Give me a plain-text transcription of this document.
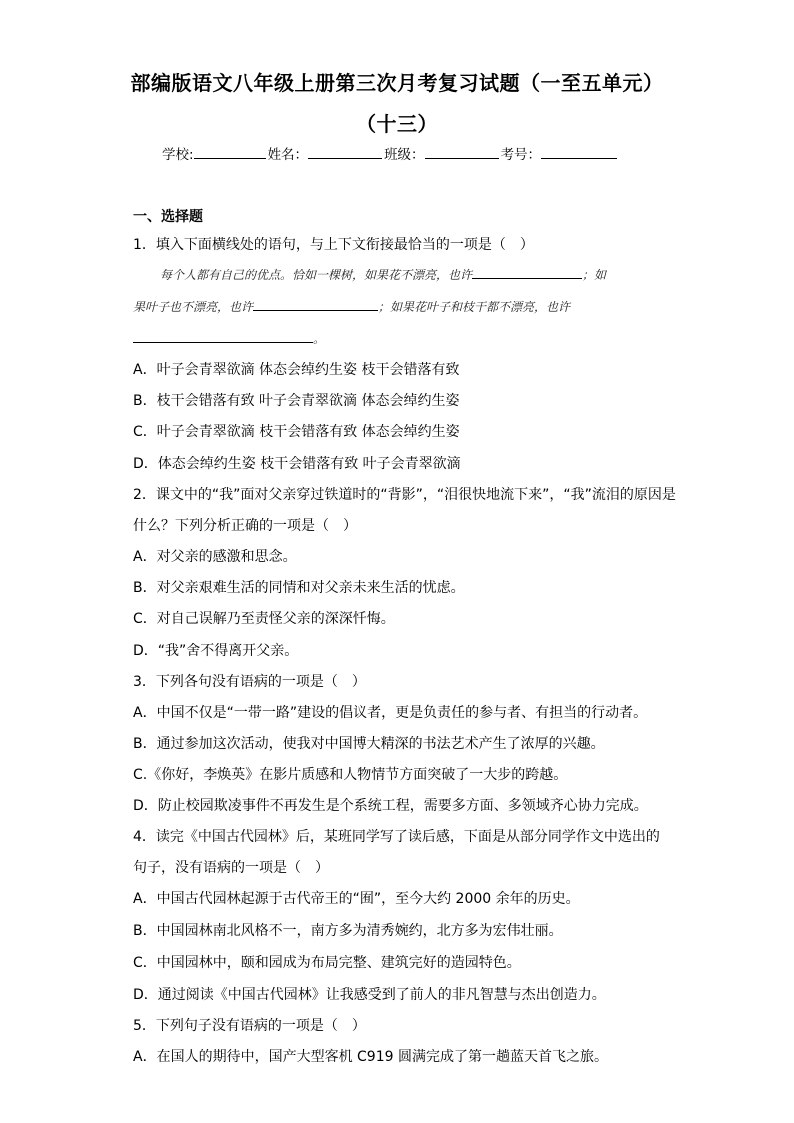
部编版语文八年级上册第三次月考复习试题（一至五单元）
（十三）
学校:	姓名：	班级：	考号：
一、选择题
1．填入下面横线处的语句，与上下文衔接最恰当的一项是（　）
每个人都有自己的优点。恰如一棵树，如果花不漂亮，也许	；如
果叶子也不漂亮，也许	；如果花叶子和枝干都不漂亮，也许
。
A．叶子会青翠欲滴 体态会绰约生姿 枝干会错落有致
B．枝干会错落有致 叶子会青翠欲滴 体态会绰约生姿
C．叶子会青翠欲滴 枝干会错落有致 体态会绰约生姿
D．体态会绰约生姿 枝干会错落有致 叶子会青翠欲滴
2．课文中的“我”面对父亲穿过铁道时的“背影”，“泪很快地流下来”，“我”流泪的原因是
什么？下列分析正确的一项是（　）
A．对父亲的感激和思念。
B．对父亲艰难生活的同情和对父亲未来生活的忧虑。
C．对自己误解乃至责怪父亲的深深忏悔。
D．“我”舍不得离开父亲。
3．下列各句没有语病的一项是（　）
A．中国不仅是“一带一路”建设的倡议者，更是负责任的参与者、有担当的行动者。
B．通过参加这次活动，使我对中国博大精深的书法艺术产生了浓厚的兴趣。
C.《你好，李焕英》在影片质感和人物情节方面突破了一大步的跨越。
D．防止校园欺凌事件不再发生是个系统工程，需要多方面、多领域齐心协力完成。
4．读完《中国古代园林》后，某班同学写了读后感，下面是从部分同学作文中选出的
句子，没有语病的一项是（　）
A．中国古代园林起源于古代帝王的“囿”，至今大约 2000 余年的历史。
B．中国园林南北风格不一，南方多为清秀婉约，北方多为宏伟壮丽。
C．中国园林中，颐和园成为布局完整、建筑完好的造园特色。
D．通过阅读《中国古代园林》让我感受到了前人的非凡智慧与杰出创造力。
5．下列句子没有语病的一项是（　）
A．在国人的期待中，国产大型客机 C919 圆满完成了第一趟蓝天首飞之旅。
